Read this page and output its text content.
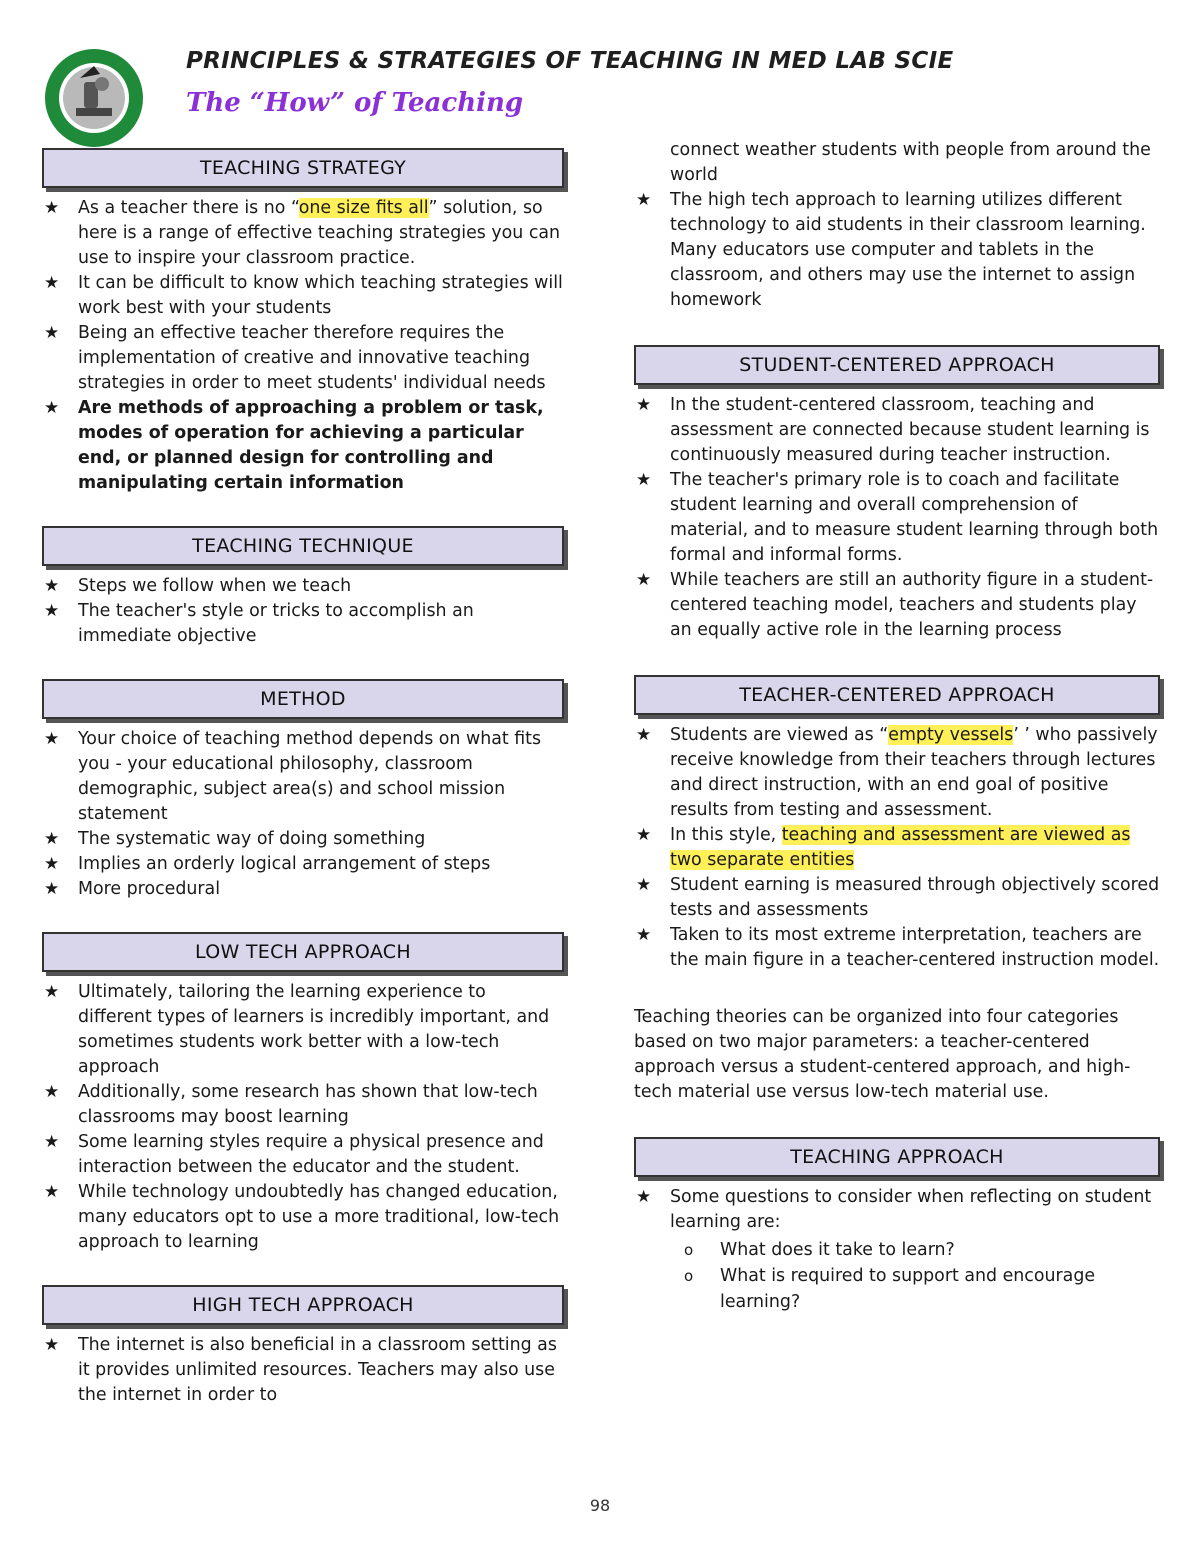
PRINCIPLES & STRATEGIES OF TEACHING IN MED LAB SCIE
The “How” of Teaching
TEACHING STRATEGY
★ As a teacher there is no “one size fits all” solution, so here is a range of effective teaching strategies you can use to inspire your classroom practice.
★ It can be difficult to know which teaching strategies will work best with your students
★ Being an effective teacher therefore requires the implementation of creative and innovative teaching strategies in order to meet students' individual needs
★ Are methods of approaching a problem or task, modes of operation for achieving a particular end, or planned design for controlling and manipulating certain information
TEACHING TECHNIQUE
★ Steps we follow when we teach
★ The teacher's style or tricks to accomplish an immediate objective
METHOD
★ Your choice of teaching method depends on what fits you - your educational philosophy, classroom demographic, subject area(s) and school mission statement
★ The systematic way of doing something
★ Implies an orderly logical arrangement of steps
★ More procedural
LOW TECH APPROACH
★ Ultimately, tailoring the learning experience to different types of learners is incredibly important, and sometimes students work better with a low-tech approach
★ Additionally, some research has shown that low-tech classrooms may boost learning
★ Some learning styles require a physical presence and interaction between the educator and the student.
★ While technology undoubtedly has changed education, many educators opt to use a more traditional, low-tech approach to learning
HIGH TECH APPROACH
★ The internet is also beneficial in a classroom setting as it provides unlimited resources. Teachers may also use the internet in order to
connect weather students with people from around the world
★ The high tech approach to learning utilizes different technology to aid students in their classroom learning. Many educators use computer and tablets in the classroom, and others may use the internet to assign homework
STUDENT-CENTERED APPROACH
★ In the student-centered classroom, teaching and assessment are connected because student learning is continuously measured during teacher instruction.
★ The teacher's primary role is to coach and facilitate student learning and overall comprehension of material, and to measure student learning through both formal and informal forms.
★ While teachers are still an authority figure in a student-centered teaching model, teachers and students play an equally active role in the learning process
TEACHER-CENTERED APPROACH
★ Students are viewed as “empty vessels’ ’ who passively receive knowledge from their teachers through lectures and direct instruction, with an end goal of positive results from testing and assessment.
★ In this style, teaching and assessment are viewed as two separate entities
★ Student earning is measured through objectively scored tests and assessments
★ Taken to its most extreme interpretation, teachers are the main figure in a teacher-centered instruction model.

Teaching theories can be organized into four categories based on two major parameters: a teacher-centered approach versus a student-centered approach, and high-tech material use versus low-tech material use.

TEACHING APPROACH
★ Some questions to consider when reflecting on student learning are:
o What does it take to learn?
o What is required to support and encourage learning?
98
